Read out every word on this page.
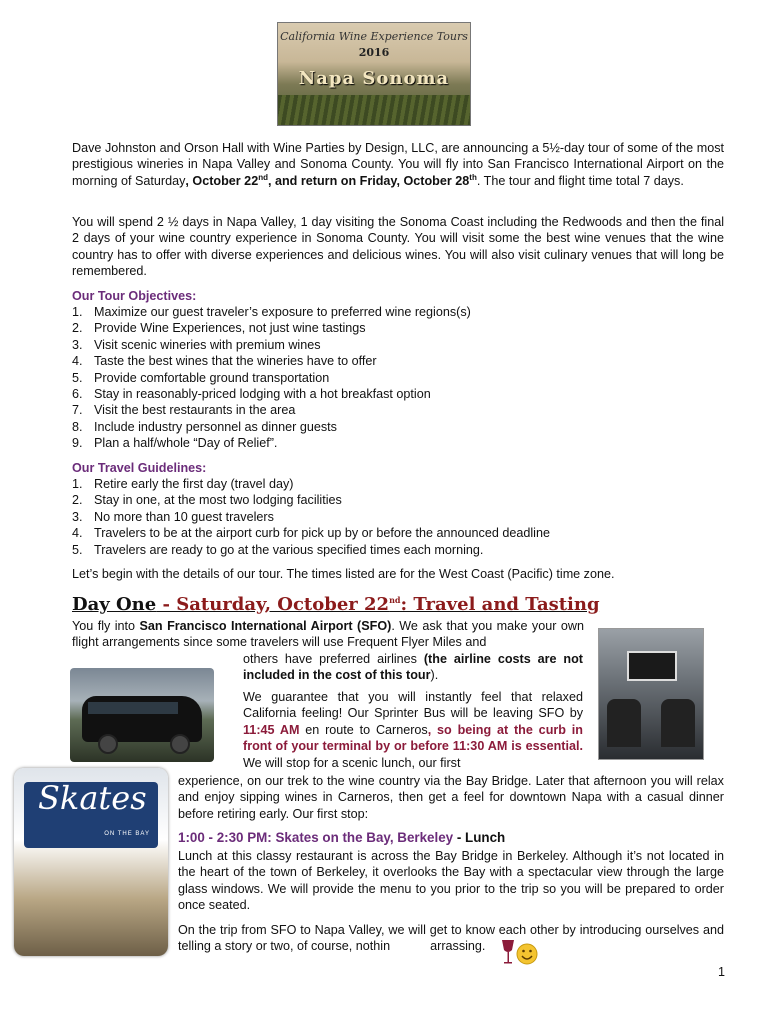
California Wine Experience Tours
2016
Napa Sonoma
Dave Johnston and Orson Hall with Wine Parties by Design, LLC, are announcing a 5½-day tour of some of the most prestigious wineries in Napa Valley and Sonoma County. You will fly into San Francisco International Airport on the morning of Saturday, October 22nd, and return on Friday, October 28th. The tour and flight time total 7 days.
You will spend 2 ½ days in Napa Valley, 1 day visiting the Sonoma Coast including the Redwoods and then the final 2 days of your wine country experience in Sonoma County. You will visit some the best wine venues that the wine country has to offer with diverse experiences and delicious wines. You will also visit culinary venues that will long be remembered.
Our Tour Objectives:
1. Maximize our guest traveler’s exposure to preferred wine regions(s)
2. Provide Wine Experiences, not just wine tastings
3. Visit scenic wineries with premium wines
4. Taste the best wines that the wineries have to offer
5. Provide comfortable ground transportation
6. Stay in reasonably-priced lodging with a hot breakfast option
7. Visit the best restaurants in the area
8. Include industry personnel as dinner guests
9. Plan a half/whole “Day of Relief”.
Our Travel Guidelines:
1. Retire early the first day (travel day)
2. Stay in one, at the most two lodging facilities
3. No more than 10 guest travelers
4. Travelers to be at the airport curb for pick up by or before the announced deadline
5. Travelers are ready to go at the various specified times each morning.
Let’s begin with the details of our tour. The times listed are for the West Coast (Pacific) time zone.
Day One - Saturday, October 22nd: Travel and Tasting
You fly into San Francisco International Airport (SFO). We ask that you make your own flight arrangements since some travelers will use Frequent Flyer Miles and
others have preferred airlines (the airline costs are not included in the cost of this tour).
We guarantee that you will instantly feel that relaxed California feeling! Our Sprinter Bus will be leaving SFO by 11:45 AM en route to Carneros, so being at the curb in front of your terminal by or before 11:30 AM is essential. We will stop for a scenic lunch, our first
experience, on our trek to the wine country via the Bay Bridge. Later that afternoon you will relax and enjoy sipping wines in Carneros, then get a feel for downtown Napa with a casual dinner before retiring early. Our first stop:
1:00 - 2:30 PM: Skates on the Bay, Berkeley - Lunch
Lunch at this classy restaurant is across the Bay Bridge in Berkeley. Although it’s not located in the heart of the town of Berkeley, it overlooks the Bay with a spectacular view through the large glass windows. We will provide the menu to you prior to the trip so you will be prepared to order once seated.
On the trip from SFO to Napa Valley, we will get to know each other by introducing ourselves and telling a story or two, of course, nothin	arrassing.
Skates
ON THE BAY
1
